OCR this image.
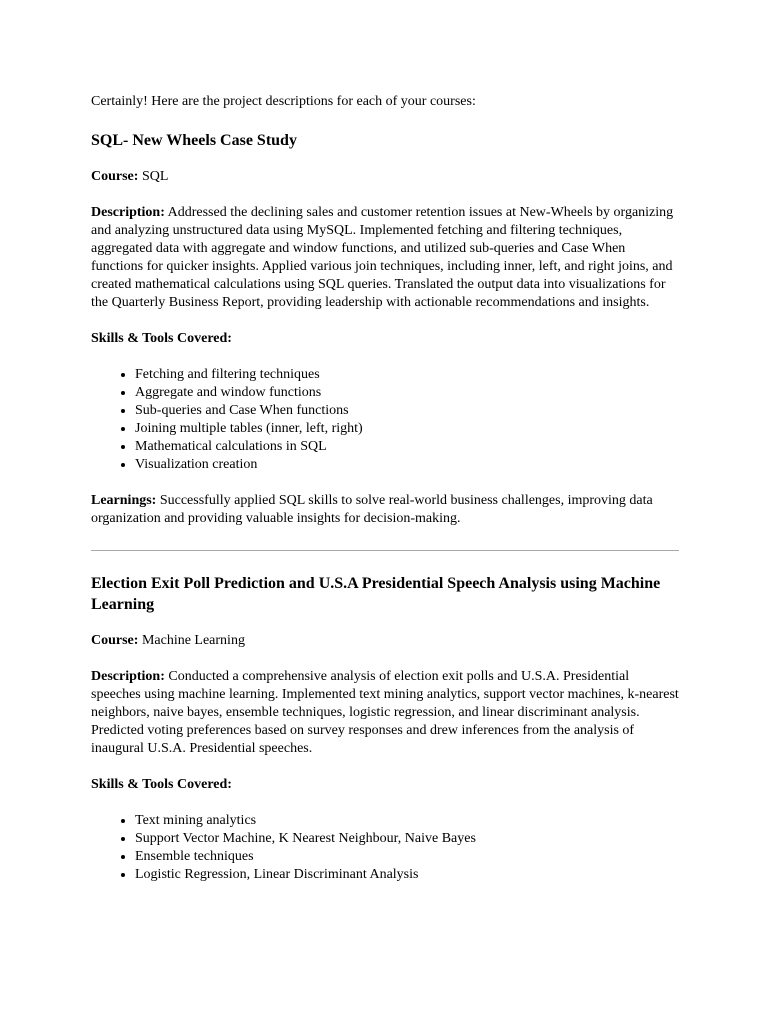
Certainly! Here are the project descriptions for each of your courses:

SQL- New Wheels Case Study

Course: SQL

Description: Addressed the declining sales and customer retention issues at New-Wheels by organizing and analyzing unstructured data using MySQL. Implemented fetching and filtering techniques, aggregated data with aggregate and window functions, and utilized sub-queries and Case When functions for quicker insights. Applied various join techniques, including inner, left, and right joins, and created mathematical calculations using SQL queries. Translated the output data into visualizations for the Quarterly Business Report, providing leadership with actionable recommendations and insights.

Skills & Tools Covered:

• Fetching and filtering techniques
• Aggregate and window functions
• Sub-queries and Case When functions
• Joining multiple tables (inner, left, right)
• Mathematical calculations in SQL
• Visualization creation

Learnings: Successfully applied SQL skills to solve real-world business challenges, improving data organization and providing valuable insights for decision-making.

Election Exit Poll Prediction and U.S.A Presidential Speech Analysis using Machine Learning

Course: Machine Learning

Description: Conducted a comprehensive analysis of election exit polls and U.S.A. Presidential speeches using machine learning. Implemented text mining analytics, support vector machines, k-nearest neighbors, naive bayes, ensemble techniques, logistic regression, and linear discriminant analysis. Predicted voting preferences based on survey responses and drew inferences from the analysis of inaugural U.S.A. Presidential speeches.

Skills & Tools Covered:

• Text mining analytics
• Support Vector Machine, K Nearest Neighbour, Naive Bayes
• Ensemble techniques
• Logistic Regression, Linear Discriminant Analysis
